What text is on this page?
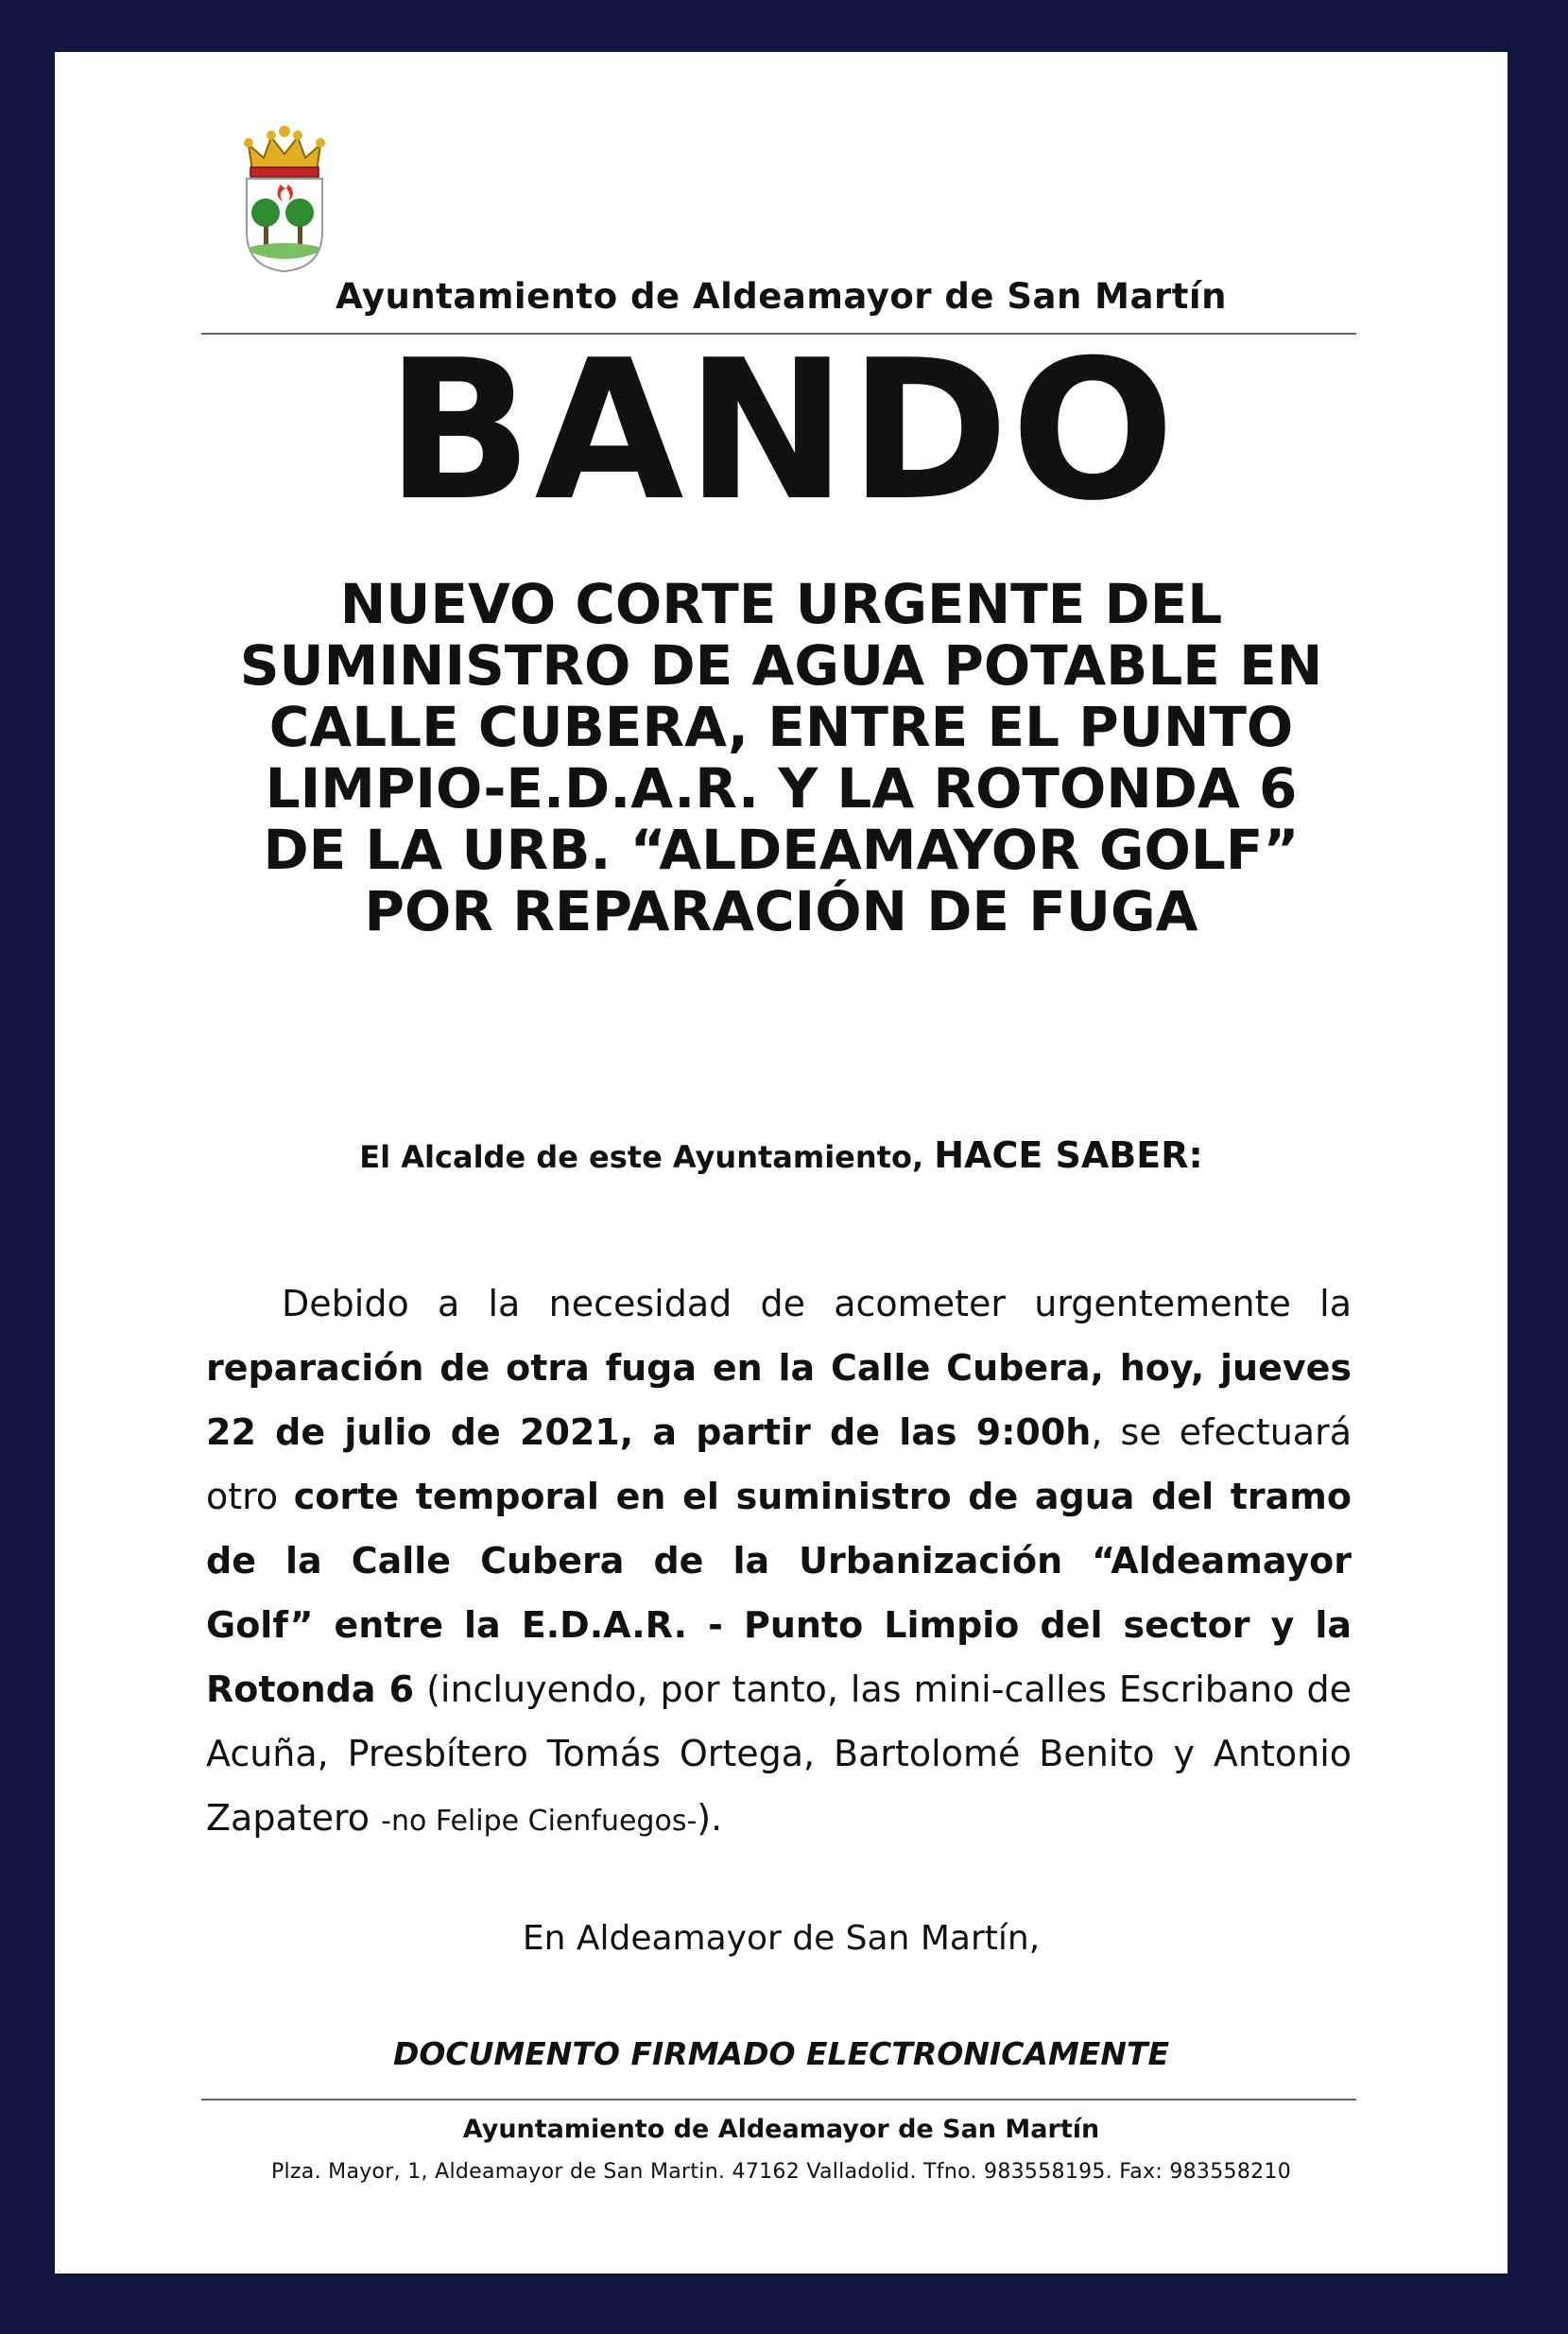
Ayuntamiento de Aldeamayor de San Martín
BANDO

NUEVO CORTE URGENTE DEL SUMINISTRO DE AGUA POTABLE EN CALLE CUBERA, ENTRE EL PUNTO LIMPIO-E.D.A.R. Y LA ROTONDA 6 DE LA URB. “ALDEAMAYOR GOLF” POR REPARACIÓN DE FUGA

El Alcalde de este Ayuntamiento, HACE SABER:

Debido a la necesidad de acometer urgentemente la reparación de otra fuga en la Calle Cubera, hoy, jueves 22 de julio de 2021, a partir de las 9:00h, se efectuará otro corte temporal en el suministro de agua del tramo de la Calle Cubera de la Urbanización “Aldeamayor Golf” entre la E.D.A.R. - Punto Limpio del sector y la Rotonda 6 (incluyendo, por tanto, las mini-calles Escribano de Acuña, Presbítero Tomás Ortega, Bartolomé Benito y Antonio Zapatero -no Felipe Cienfuegos-).

En Aldeamayor de San Martín,
DOCUMENTO FIRMADO ELECTRONICAMENTE
Ayuntamiento de Aldeamayor de San Martín
Plza. Mayor, 1, Aldeamayor de San Martin. 47162 Valladolid. Tfno. 983558195. Fax: 983558210
